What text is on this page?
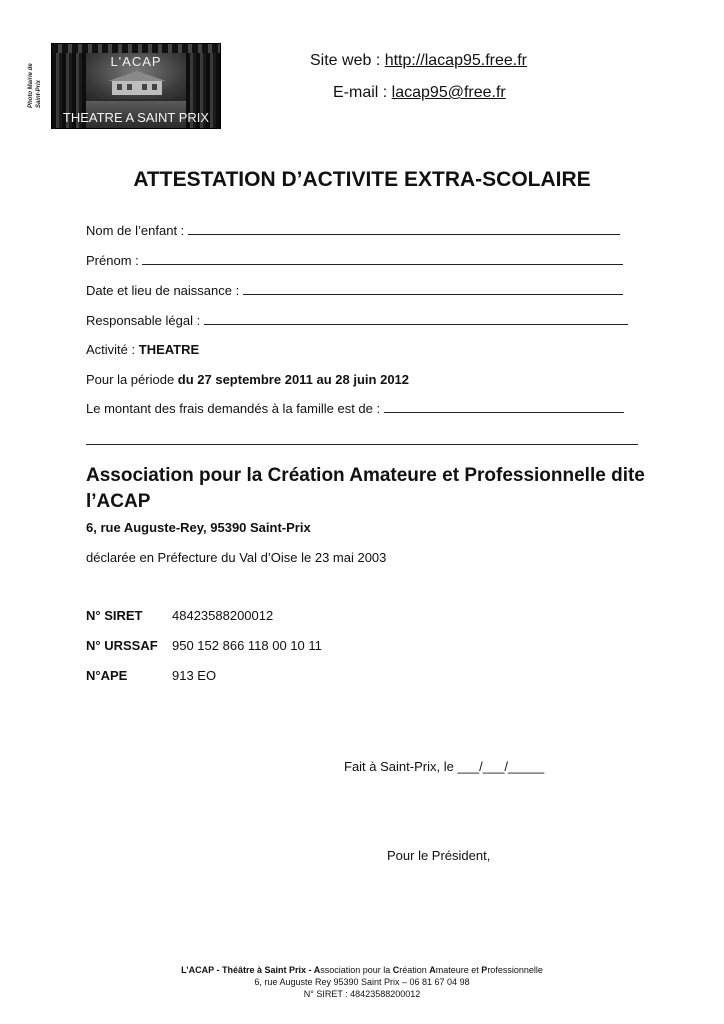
Photo Mairie de Saint-Prix
L'ACAP
THEATRE A SAINT PRIX
Site web : http://lacap95.free.fr
E-mail : lacap95@free.fr
ATTESTATION D’ACTIVITE EXTRA-SCOLAIRE
Nom de l’enfant :
Prénom :
Date et lieu de naissance :
Responsable légal :
Activité : THEATRE
Pour la période du 27 septembre 2011 au 28 juin 2012
Le montant des frais demandés à la famille est de :
Association pour la Création Amateure et Professionnelle dite l’ACAP
6, rue Auguste-Rey, 95390 Saint-Prix
déclarée en Préfecture du Val d’Oise le 23 mai 2003
N° SIRET 48423588200012
N° URSSAF 950 152 866 118 00 10 11
N°APE	913 EO
Fait à Saint-Prix, le ___/___/_____
Pour le Président,
L’ACAP - Théâtre à Saint Prix - Association pour la Création Amateure et Professionnelle
6, rue Auguste Rey 95390 Saint Prix – 06 81 67 04 98
N° SIRET : 48423588200012
